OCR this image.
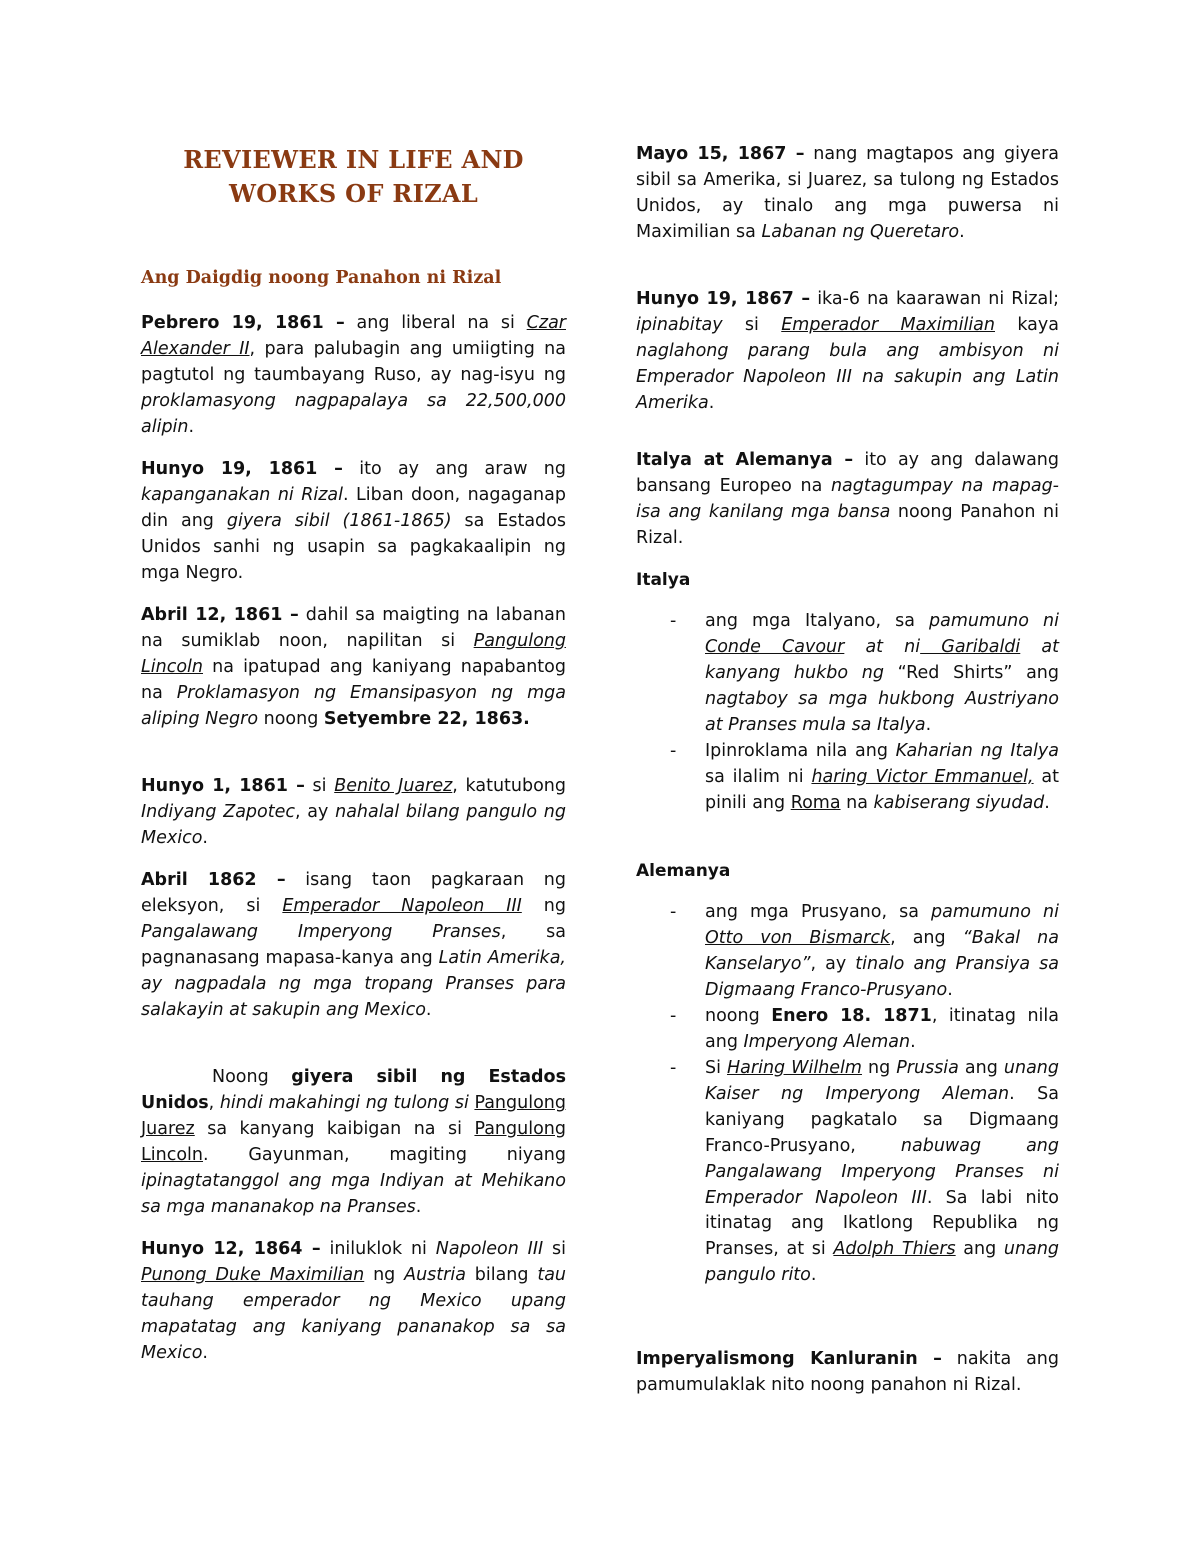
REVIEWER IN LIFE AND
WORKS OF RIZAL
Ang Daigdig noong Panahon ni Rizal
Pebrero 19, 1861 – ang liberal na si Czar Alexander II, para palubagin ang umiigting na pagtutol ng taumbayang Ruso, ay nag-isyu ng proklamasyong nagpapalaya sa 22,500,000 alipin.
Hunyo 19, 1861 – ito ay ang araw ng kapanganakan ni Rizal. Liban doon, nagaganap din ang giyera sibil (1861-1865) sa Estados Unidos sanhi ng usapin sa pagkakaalipin ng mga Negro.
Abril 12, 1861 – dahil sa maigting na labanan na sumiklab noon, napilitan si Pangulong Lincoln na ipatupad ang kaniyang napabantog na Proklamasyon ng Emansipasyon ng mga aliping Negro noong Setyembre 22, 1863.
Hunyo 1, 1861 – si Benito Juarez, katutubong Indiyang Zapotec, ay nahalal bilang pangulo ng Mexico.
Abril 1862 – isang taon pagkaraan ng eleksyon, si Emperador Napoleon III ng Pangalawang Imperyong Pranses, sa pagnanasang mapasa-kanya ang Latin Amerika, ay nagpadala ng mga tropang Pranses para salakayin at sakupin ang Mexico.
Noong giyera sibil ng Estados Unidos, hindi makahingi ng tulong si Pangulong Juarez sa kanyang kaibigan na si Pangulong Lincoln. Gayunman, magiting niyang ipinagtatanggol ang mga Indiyan at Mehikano sa mga mananakop na Pranses.
Hunyo 12, 1864 – iniluklok ni Napoleon III si Punong Duke Maximilian ng Austria bilang tau tauhang emperador ng Mexico upang mapatatag ang kaniyang pananakop sa sa Mexico.
Mayo 15, 1867 – nang magtapos ang giyera sibil sa Amerika, si Juarez, sa tulong ng Estados Unidos, ay tinalo ang mga puwersa ni Maximilian sa Labanan ng Queretaro.
Hunyo 19, 1867 – ika-6 na kaarawan ni Rizal; ipinabitay si Emperador Maximilian kaya naglahong parang bula ang ambisyon ni Emperador Napoleon III na sakupin ang Latin Amerika.
Italya at Alemanya – ito ay ang dalawang bansang Europeo na nagtagumpay na mapag-isa ang kanilang mga bansa noong Panahon ni Rizal.
Italya
- ang mga Italyano, sa pamumuno ni Conde Cavour at ni Garibaldi at kanyang hukbo ng “Red Shirts” ang nagtaboy sa mga hukbong Austriyano at Pranses mula sa Italya.
- Ipinroklama nila ang Kaharian ng Italya sa ilalim ni haring Victor Emmanuel, at pinili ang Roma na kabiserang siyudad.
Alemanya
- ang mga Prusyano, sa pamumuno ni Otto von Bismarck, ang “Bakal na Kanselaryo”, ay tinalo ang Pransiya sa Digmaang Franco-Prusyano.
- noong Enero 18. 1871, itinatag nila ang Imperyong Aleman.
- Si Haring Wilhelm ng Prussia ang unang Kaiser ng Imperyong Aleman. Sa kaniyang pagkatalo sa Digmaang Franco-Prusyano, nabuwag ang Pangalawang Imperyong Pranses ni Emperador Napoleon III. Sa labi nito itinatag ang Ikatlong Republika ng Pranses, at si Adolph Thiers ang unang pangulo rito.
Imperyalismong Kanluranin – nakita ang pamumulaklak nito noong panahon ni Rizal.
